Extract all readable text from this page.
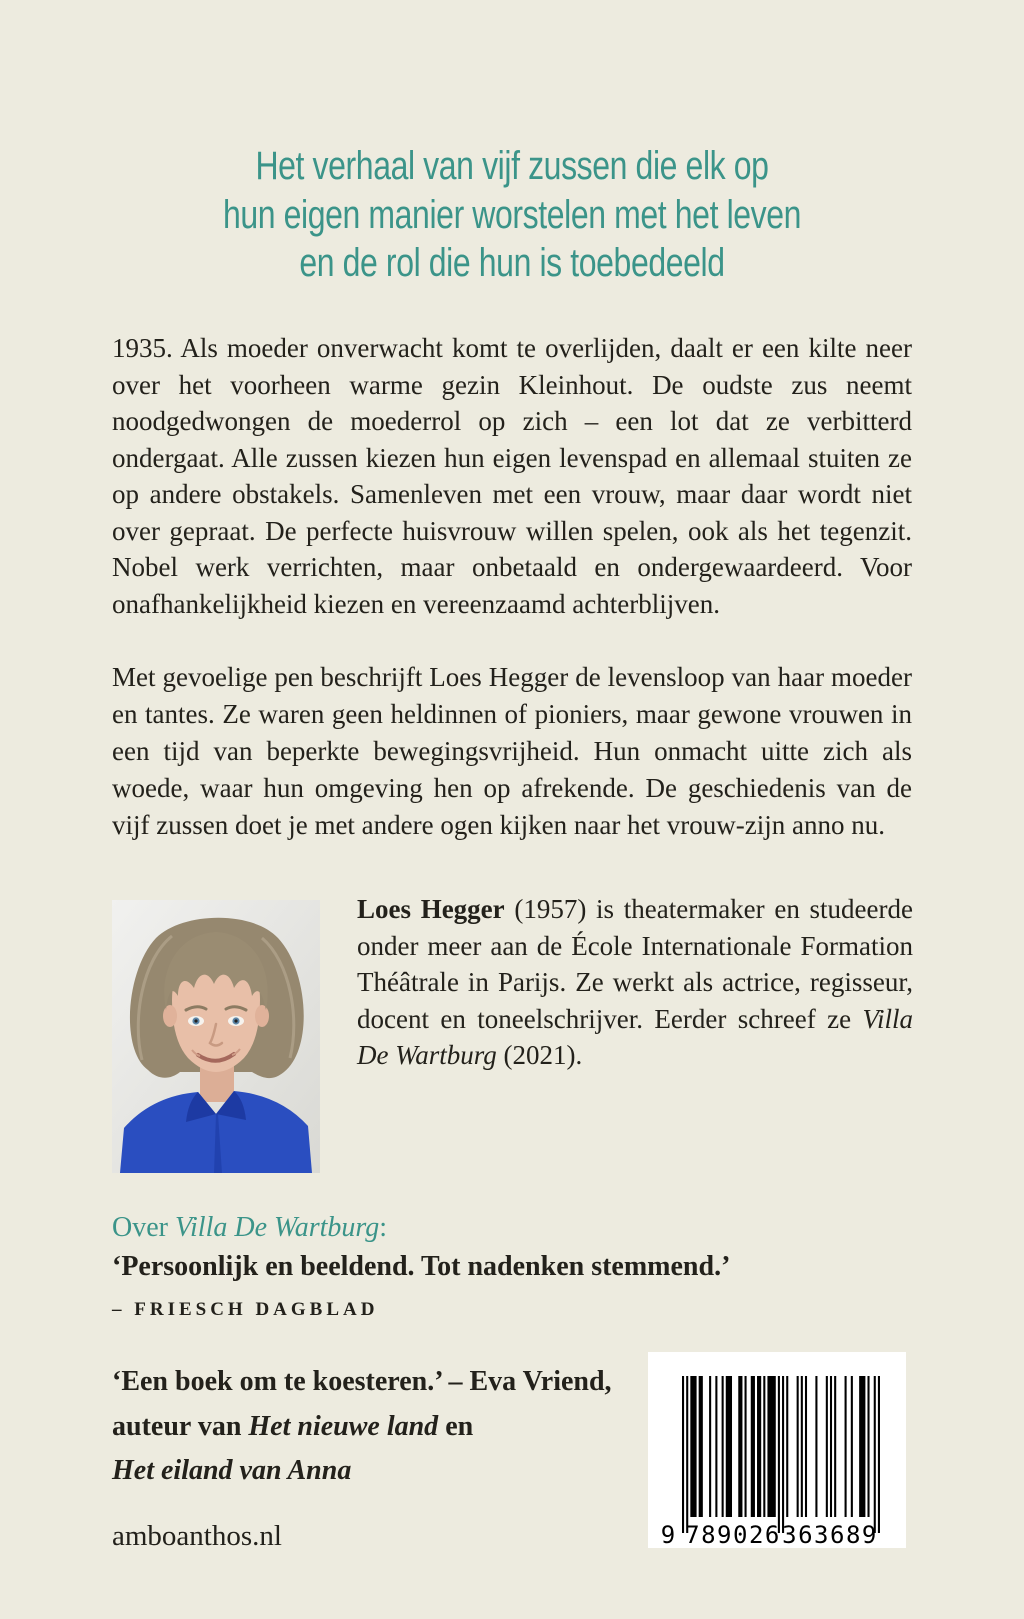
Het verhaal van vijf zussen die elk op
hun eigen manier worstelen met het leven
en de rol die hun is toebedeeld

1935. Als moeder onverwacht komt te overlijden, daalt er een kilte neer over het voorheen warme gezin Kleinhout. De oudste zus neemt noodgedwongen de moederrol op zich – een lot dat ze verbitterd ondergaat. Alle zussen kiezen hun eigen levenspad en allemaal stuiten ze op andere obstakels. Samenleven met een vrouw, maar daar wordt niet over gepraat. De perfecte huisvrouw willen spelen, ook als het tegenzit. Nobel werk verrichten, maar onbetaald en ondergewaardeerd. Voor onafhankelijkheid kiezen en vereenzaamd achterblijven.

Met gevoelige pen beschrijft Loes Hegger de levensloop van haar moeder en tantes. Ze waren geen heldinnen of pioniers, maar gewone vrouwen in een tijd van beperkte bewegingsvrijheid. Hun onmacht uitte zich als woede, waar hun omgeving hen op afrekende. De geschiedenis van de vijf zussen doet je met andere ogen kijken naar het vrouw-zijn anno nu.

Loes Hegger (1957) is theatermaker en studeerde onder meer aan de École Internationale Formation Théâtrale in Parijs. Ze werkt als actrice, regisseur, docent en toneelschrijver. Eerder schreef ze Villa De Wartburg (2021).

Over Villa De Wartburg:

‘Persoonlijk en beeldend. Tot nadenken stemmend.’

– FRIESCH DAGBLAD

‘Een boek om te koesteren.’ – Eva Vriend,
auteur van Het nieuwe land en
Het eiland van Anna

amboanthos.nl	9 789026 363689
